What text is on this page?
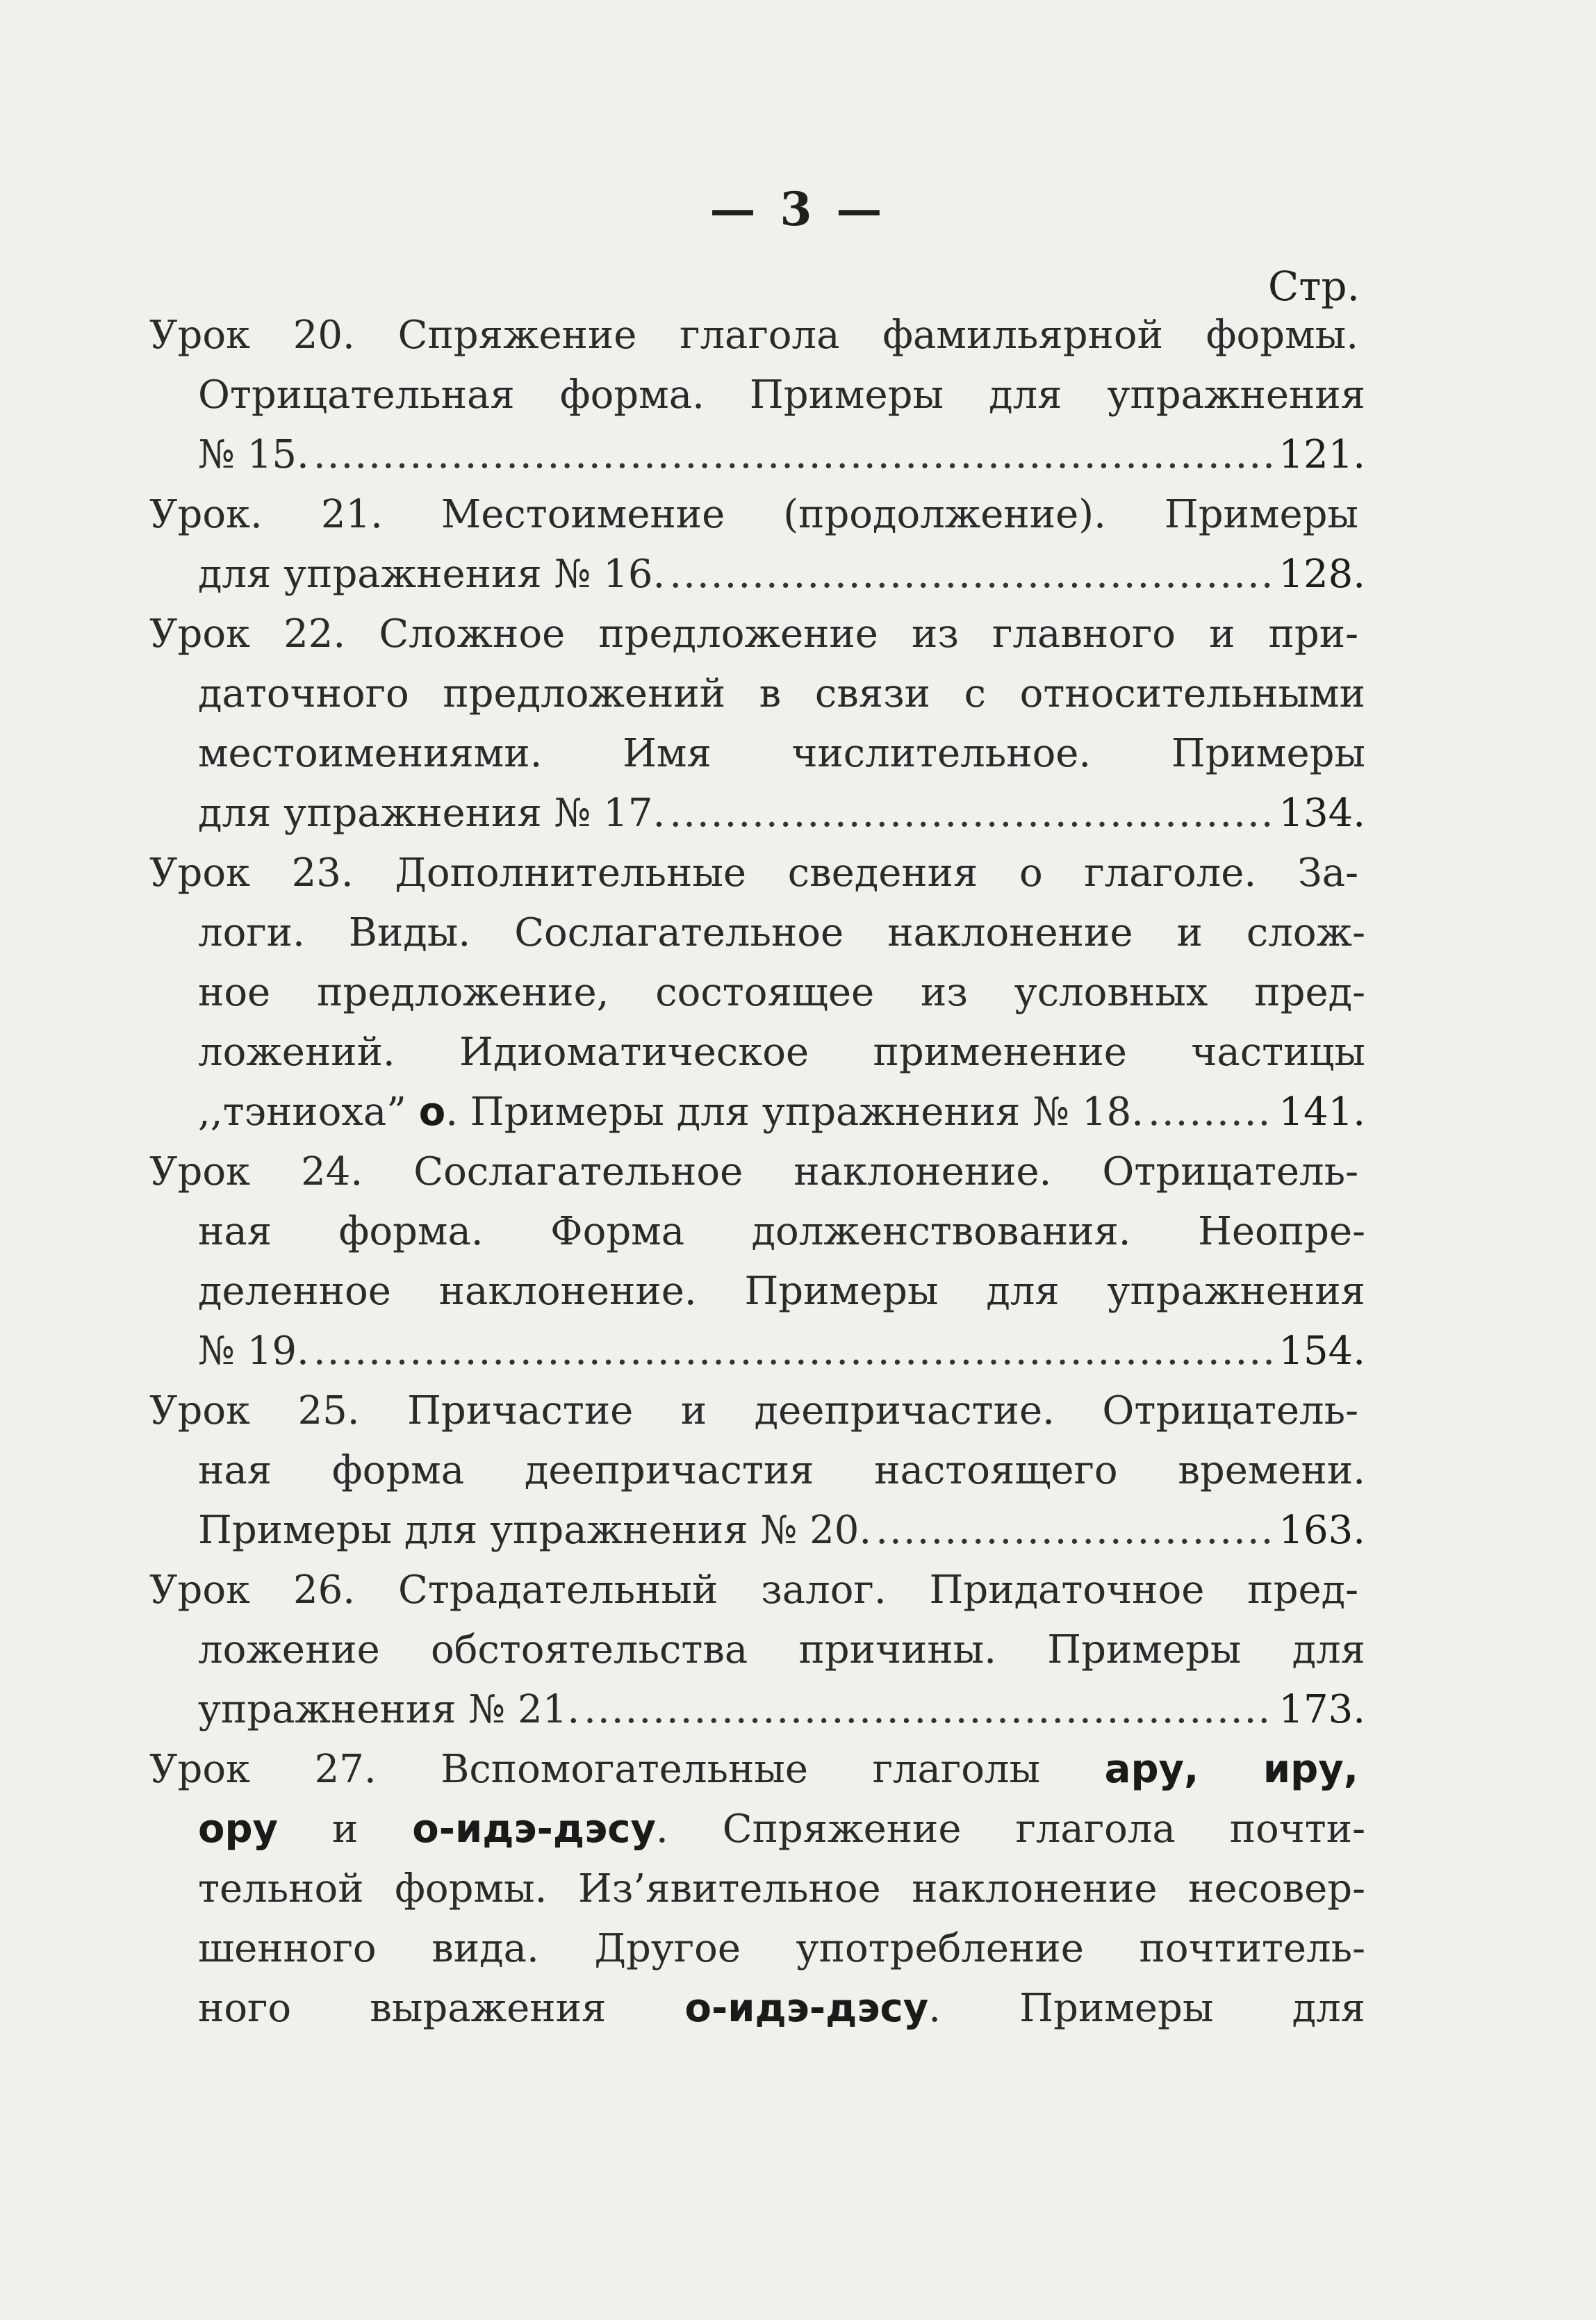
— 3 —
Стр.
Урок 20. Спряжение глагола фамильярной формы.
Отрицательная форма. Примеры для упражнения
№ 15. .....	121.
Урок. 21. Местоимение (продолжение). Примеры
для упражнения № 16. .....	128.
Урок 22. Сложное предложение из главного и при-
даточного предложений в связи с относительными
местоимениями. Имя числительное. Примеры
для упражнения № 17. .....	134.
Урок 23. Дополнительные сведения о глаголе. За-
логи. Виды. Сослагательное наклонение и слож-
ное предложение, состоящее из условных пред-
ложений. Идиоматическое применение частицы
,,тэниоха” о. Примеры для упражнения № 18. .....	141.
Урок 24. Сослагательное наклонение. Отрицатель-
ная форма. Форма долженствования. Неопре-
деленное наклонение. Примеры для упражнения
№ 19. .....	154.
Урок 25. Причастие и деепричастие. Отрицатель-
ная форма деепричастия настоящего времени.
Примеры для упражнения № 20. .....	163.
Урок 26. Страдательный залог. Придаточное пред-
ложение обстоятельства причины. Примеры для
упражнения № 21. .....	173.
Урок 27. Вспомогательные глаголы ару, иру,
ору и о-идэ-дэсу. Спряжение глагола почти-
тельной формы. Из’явительное наклонение несовер-
шенного вида. Другое употребление почтитель-
ного выражения о-идэ-дэсу. Примеры для
